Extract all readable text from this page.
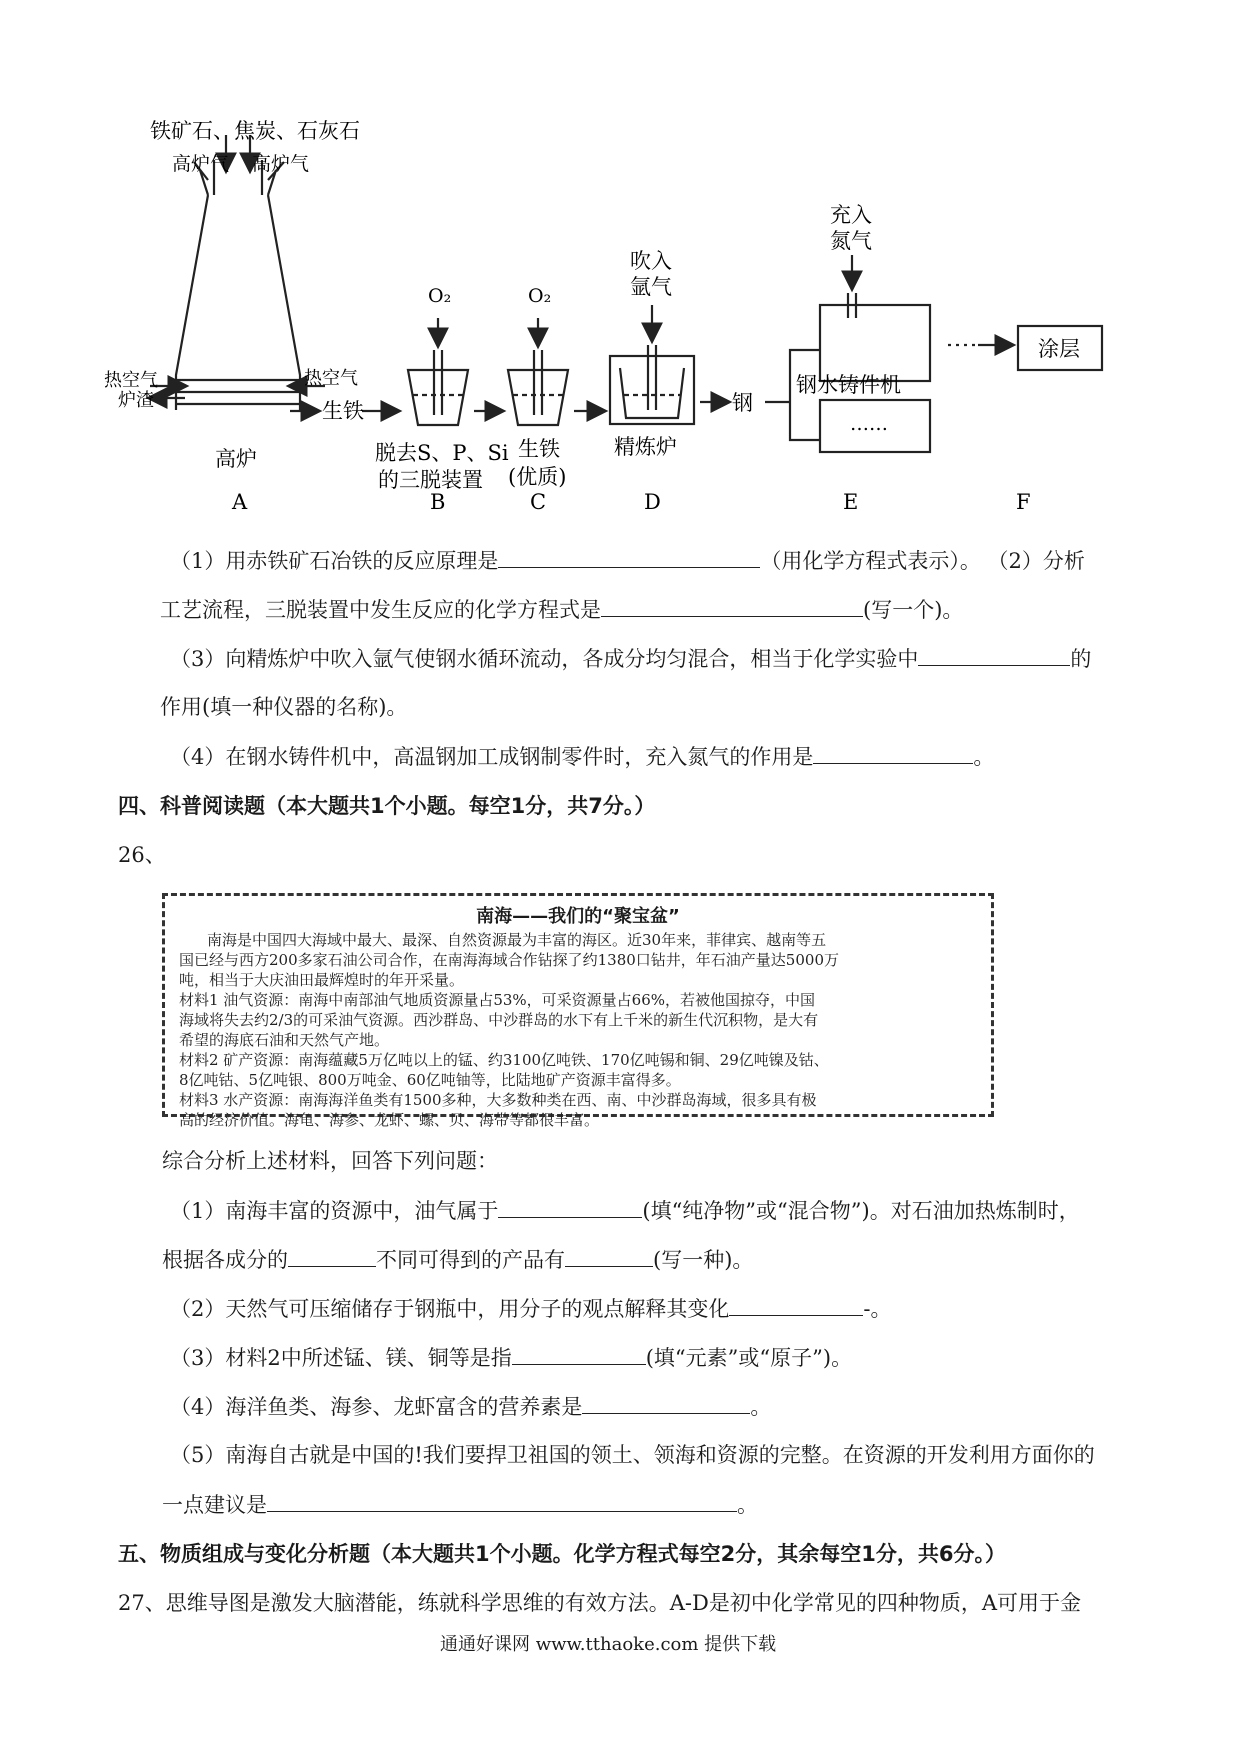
铁矿石、焦炭、石灰石
高炉气 高炉气
热空气
炉渣
热空气
生铁
高炉
O₂	O₂
脱去S、P、Si
的三脱装置
生铁
(优质)
吹入
氩气
精炼炉
钢
充入
氮气
钢水铸件机
……
涂层
A	B	C	D	E	F
（1）用赤铁矿石冶铁的反应原理是	（用化学方程式表示）。 （2）分析
工艺流程，三脱装置中发生反应的化学方程式是	(写一个)。
（3）向精炼炉中吹入氩气使钢水循环流动，各成分均匀混合，相当于化学实验中	的
作用(填一种仪器的名称)。
（4）在钢水铸件机中，高温钢加工成钢制零件时，充入氮气的作用是	。
四、科普阅读题（本大题共1个小题。每空1分，共7分。）
26、
南海——我们的“聚宝盆”
南海是中国四大海域中最大、最深、自然资源最为丰富的海区。近30年来，菲律宾、越南等五
国已经与西方200多家石油公司合作，在南海海域合作钻探了约1380口钻井，年石油产量达5000万
吨，相当于大庆油田最辉煌时的年开采量。
材料1 油气资源：南海中南部油气地质资源量占53%，可采资源量占66%，若被他国掠夺，中国
海域将失去约2/3的可采油气资源。西沙群岛、中沙群岛的水下有上千米的新生代沉积物，是大有
希望的海底石油和天然气产地。
材料2 矿产资源：南海蕴藏5万亿吨以上的锰、约3100亿吨铁、170亿吨锡和铜、29亿吨镍及钴、
8亿吨钴、5亿吨银、800万吨金、60亿吨铀等，比陆地矿产资源丰富得多。
材料3 水产资源：南海海洋鱼类有1500多种，大多数种类在西、南、中沙群岛海域，很多具有极
高的经济价值。海龟、海参、龙虾、螺、贝、海带等都很丰富。
综合分析上述材料，回答下列问题：
（1）南海丰富的资源中，油气属于	(填“纯净物”或“混合物”)。对石油加热炼制时，
根据各成分的	不同可得到的产品有	(写一种)。
（2）天然气可压缩储存于钢瓶中，用分子的观点解释其变化	-。
（3）材料2中所述锰、镁、铜等是指	(填“元素”或“原子”)。
（4）海洋鱼类、海参、龙虾富含的营养素是	。
（5）南海自古就是中国的!我们要捍卫祖国的领土、领海和资源的完整。在资源的开发利用方面你的
一点建议是	。
五、物质组成与变化分析题（本大题共1个小题。化学方程式每空2分，其余每空1分，共6分。）
27、思维导图是激发大脑潜能，练就科学思维的有效方法。A-D是初中化学常见的四种物质，A可用于金
通通好课网 www.tthaoke.com 提供下载
